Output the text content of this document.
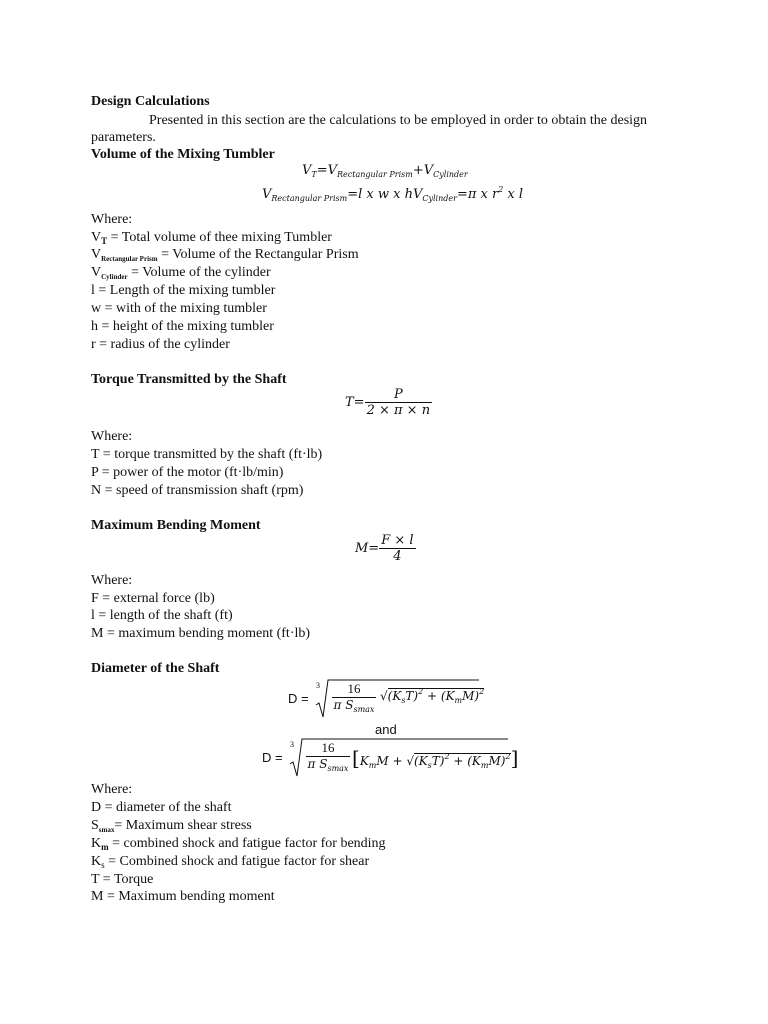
Design Calculations
Presented in this section are the calculations to be employed in order to obtain the design
parameters.
Volume of the Mixing Tumbler
$V_T=V_{Rectangular Prism}+V_{Cylinder}$
$V_{Rectangular Prism}=l$ x w x $hV_{Cylinder}=\pi$ x $r^2$ x l
Where:
$V_T$ = Total volume of thee mixing Tumbler
$V_{Rectangular Prism}$ = Volume of the Rectangular Prism
$V_{Cylinder}$ = Volume of the cylinder
l = Length of the mixing tumbler
w = with of the mixing tumbler
h = height of the mixing tumbler
r = radius of the cylinder
Torque Transmitted by the Shaft
$T= \frac{P}{2 \times \pi \times n}$
Where:
T = torque transmitted by the shaft (ft·lb)
P = power of the motor (ft·lb/min)
N = speed of transmission shaft (rpm)
Maximum Bending Moment
$M= \frac{F \times l}{4}$
Where:
F = external force (lb)
l = length of the shaft (ft)
M = maximum bending moment (ft·lb)
Diameter of the Shaft
D =
3	16
π $S_{smax}$
$√(K_sT)^2 + (K_mM)^2$
and
D =
3	16
π $S_{smax}$ $[K_mM + √(K_sT)^2 + (K_mM)^2]$
Where:
D = diameter of the shaft
$S_{smax}=$ Maximum shear stress
$K_m$ = combined shock and fatigue factor for bending
$K_s$ = Combined shock and fatigue factor for shear
T = Torque
M = Maximum bending moment
